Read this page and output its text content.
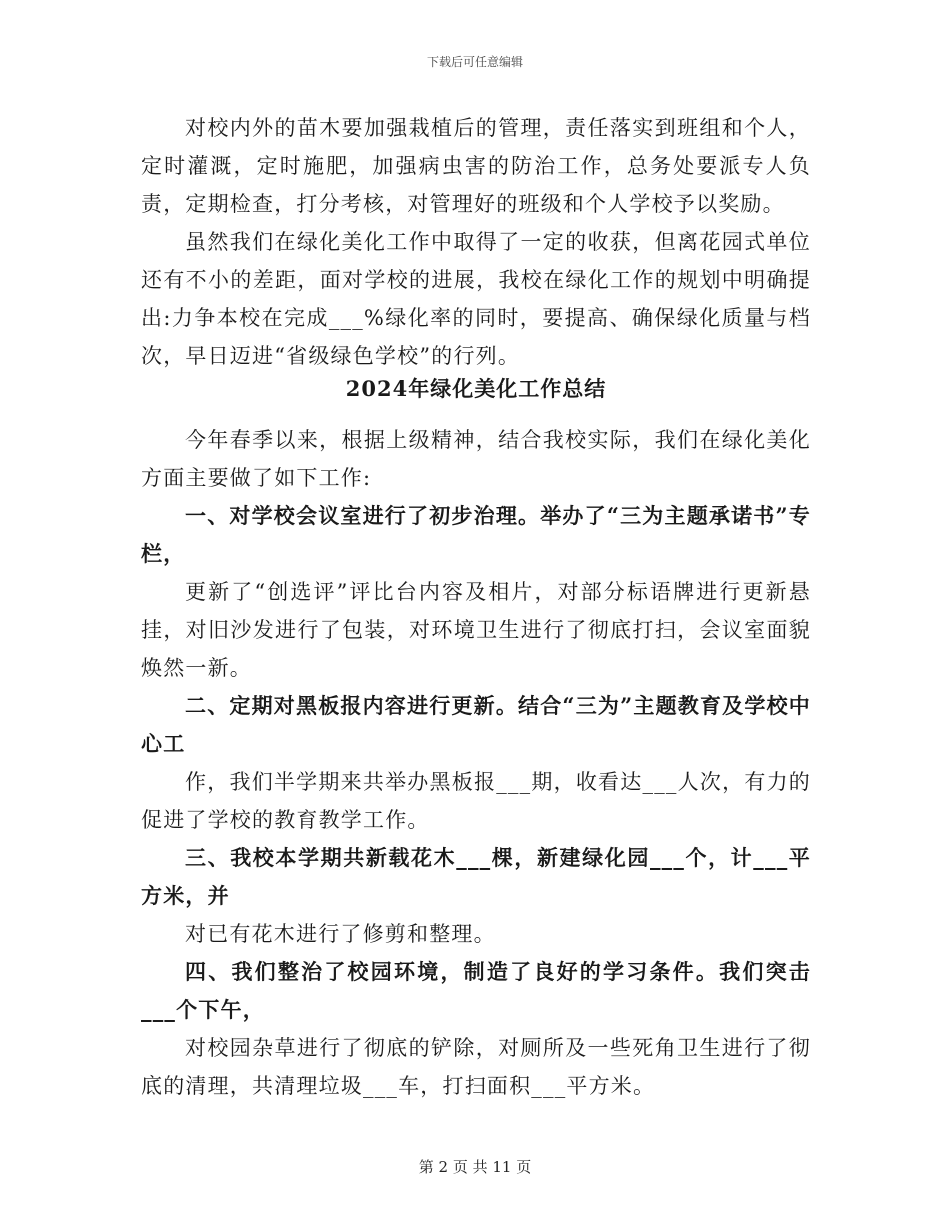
下载后可任意编辑

对校内外的苗木要加强栽植后的管理，责任落实到班组和个人，定时灌溉，定时施肥，加强病虫害的防治工作，总务处要派专人负责，定期检查，打分考核，对管理好的班级和个人学校予以奖励。

虽然我们在绿化美化工作中取得了一定的收获，但离花园式单位还有不小的差距，面对学校的进展，我校在绿化工作的规划中明确提出:力争本校在完成___%绿化率的同时，要提高、确保绿化质量与档次，早日迈进“省级绿色学校”的行列。

2024年绿化美化工作总结

今年春季以来，根据上级精神，结合我校实际，我们在绿化美化方面主要做了如下工作:

一、对学校会议室进行了初步治理。举办了“三为主题承诺书”专栏，

更新了“创选评”评比台内容及相片，对部分标语牌进行更新悬挂，对旧沙发进行了包装，对环境卫生进行了彻底打扫，会议室面貌焕然一新。

二、定期对黑板报内容进行更新。结合“三为”主题教育及学校中心工

作，我们半学期来共举办黑板报___期，收看达___人次，有力的促进了学校的教育教学工作。

三、我校本学期共新载花木___棵，新建绿化园___个，计___平方米，并

对已有花木进行了修剪和整理。

四、我们整治了校园环境，制造了良好的学习条件。我们突击___个下午，

对校园杂草进行了彻底的铲除，对厕所及一些死角卫生进行了彻底的清理，共清理垃圾___车，打扫面积___平方米。

第 2 页 共 11 页
